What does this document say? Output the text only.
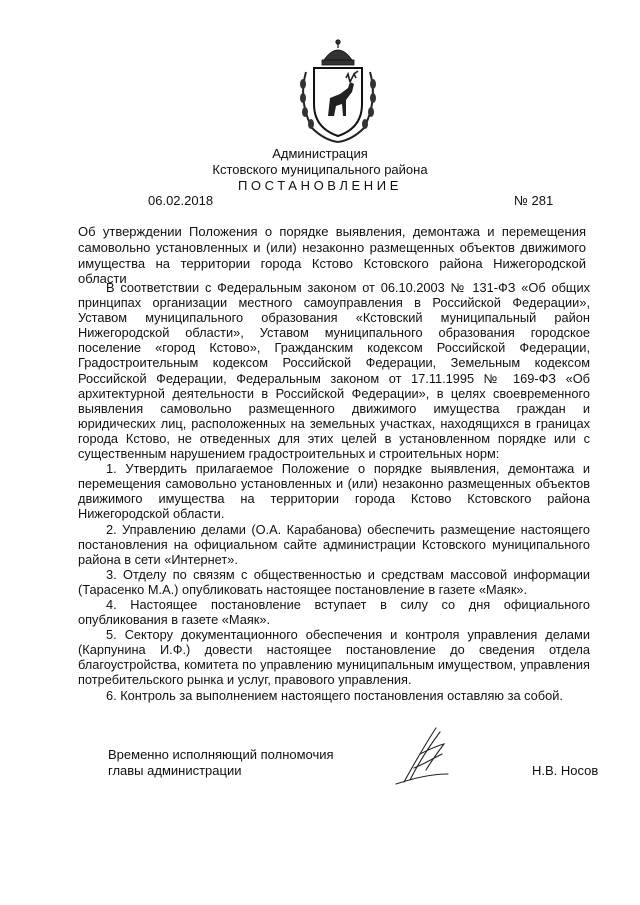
Администрация
Кстовского муниципального района
ПОСТАНОВЛЕНИЕ
06.02.2018	№ 281
Об утверждении Положения о порядке выявления, демонтажа и перемещения самовольно установленных и (или) незаконно размещенных объектов движимого имущества на территории города Кстово Кстовского района Нижегородской области

В соответствии с Федеральным законом от 06.10.2003 № 131-ФЗ «Об общих принципах организации местного самоуправления в Российской Федерации», Уставом муниципального образования «Кстовский муниципальный район Нижегородской области», Уставом муниципального образования городское поселение «город Кстово», Гражданским кодексом Российской Федерации, Градостроительным кодексом Российской Федерации, Земельным кодексом Российской Федерации, Федеральным законом от 17.11.1995 № 169-ФЗ «Об архитектурной деятельности в Российской Федерации», в целях своевременного выявления самовольно размещенного движимого имущества граждан и юридических лиц, расположенных на земельных участках, находящихся в границах города Кстово, не отведенных для этих целей в установленном порядке или с существенным нарушением градостроительных и строительных норм:

1. Утвердить прилагаемое Положение о порядке выявления, демонтажа и перемещения самовольно установленных и (или) незаконно размещенных объектов движимого имущества на территории города Кстово Кстовского района Нижегородской области.

2. Управлению делами (О.А. Карабанова) обеспечить размещение настоящего постановления на официальном сайте администрации Кстовского муниципального района в сети «Интернет».

3. Отделу по связям с общественностью и средствам массовой информации (Тарасенко М.А.) опубликовать настоящее постановление в газете «Маяк».

4. Настоящее постановление вступает в силу со дня официального опубликования в газете «Маяк».

5. Сектору документационного обеспечения и контроля управления делами (Карпунина И.Ф.) довести настоящее постановление до сведения отдела благоустройства, комитета по управлению муниципальным имуществом, управления потребительского рынка и услуг, правового управления.

6. Контроль за выполнением настоящего постановления оставляю за собой.

Временно исполняющий полномочия
главы администрации	Н.В. Носов
